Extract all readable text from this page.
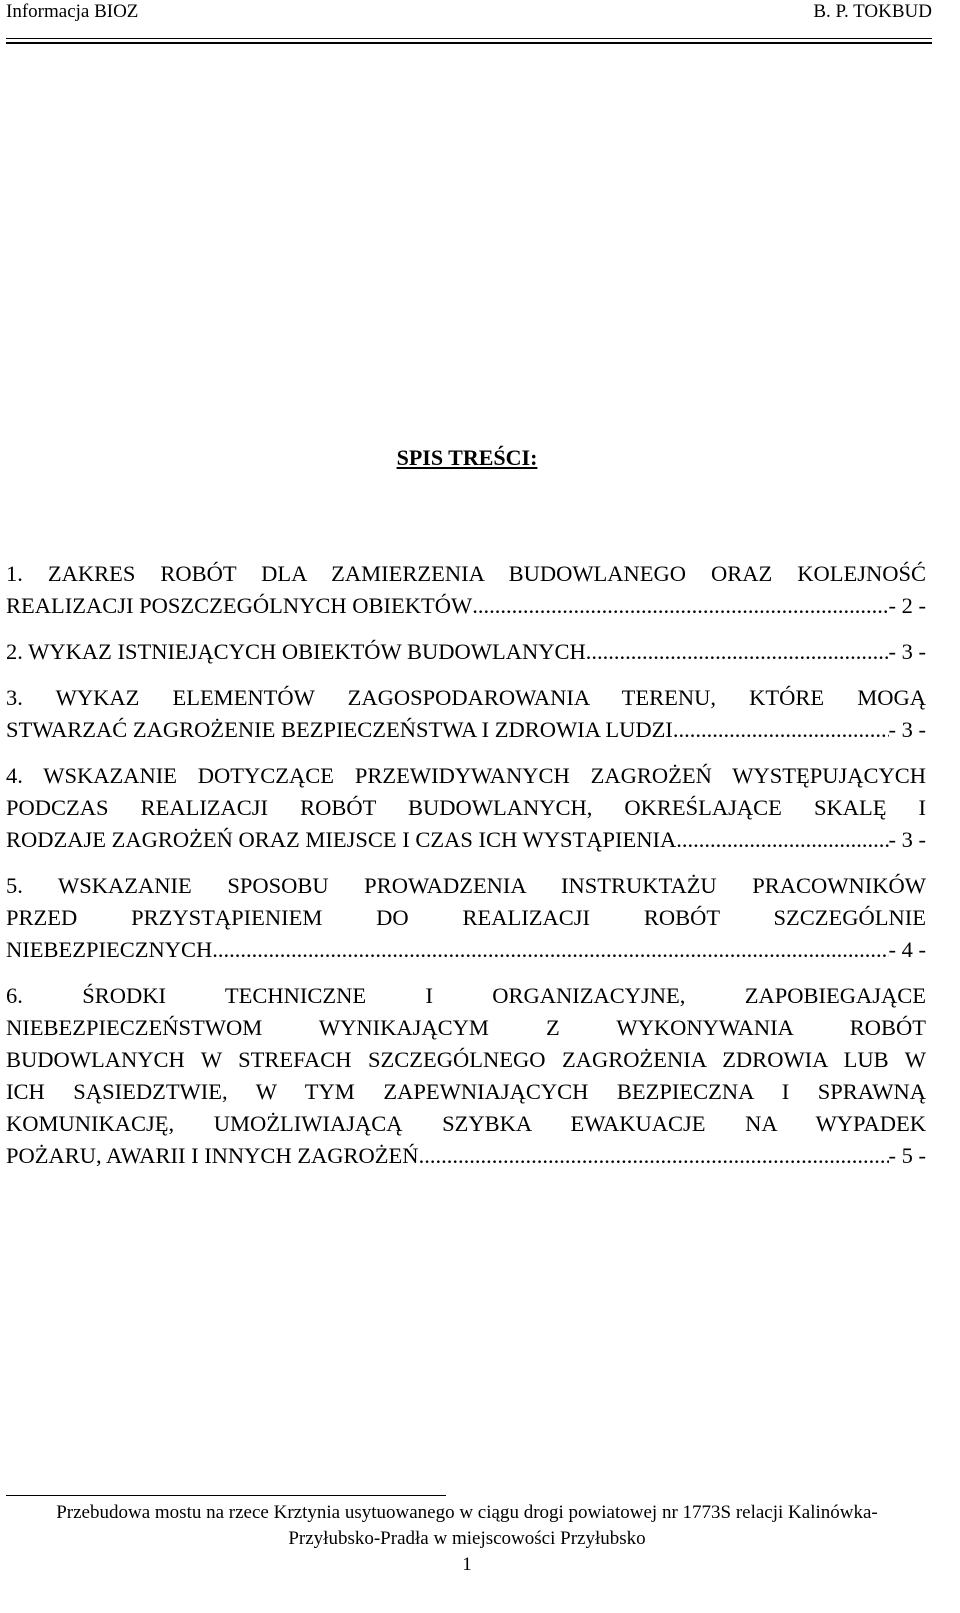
Informacja BIOZ	B. P. TOKBUD
SPIS TREŚCI:
1. ZAKRES ROBÓT DLA ZAMIERZENIA BUDOWLANEGO ORAZ KOLEJNOŚĆ
REALIZACJI POSZCZEGÓLNYCH OBIEKTÓW .....	- 2 -
2. WYKAZ ISTNIEJĄCYCH OBIEKTÓW BUDOWLANYCH .....	- 3 -
3. WYKAZ ELEMENTÓW ZAGOSPODAROWANIA TERENU, KTÓRE MOGĄ
STWARZAĆ ZAGROŻENIE BEZPIECZEŃSTWA I ZDROWIA LUDZI .....	- 3 -
4. WSKAZANIE DOTYCZĄCE PRZEWIDYWANYCH ZAGROŻEŃ WYSTĘPUJĄCYCH
PODCZAS REALIZACJI ROBÓT BUDOWLANYCH, OKREŚLAJĄCE SKALĘ I
RODZAJE ZAGROŻEŃ ORAZ MIEJSCE I CZAS ICH WYSTĄPIENIA .....	- 3 -
5. WSKAZANIE SPOSOBU PROWADZENIA INSTRUKTAŻU PRACOWNIKÓW
PRZED PRZYSTĄPIENIEM DO REALIZACJI ROBÓT SZCZEGÓLNIE
NIEBEZPIECZNYCH .....	- 4 -
6. ŚRODKI TECHNICZNE I ORGANIZACYJNE, ZAPOBIEGAJĄCE
NIEBEZPIECZEŃSTWOM WYNIKAJĄCYM Z WYKONYWANIA ROBÓT
BUDOWLANYCH W STREFACH SZCZEGÓLNEGO ZAGROŻENIA ZDROWIA LUB W
ICH SĄSIEDZTWIE, W TYM ZAPEWNIAJĄCYCH BEZPIECZNA I SPRAWNĄ
KOMUNIKACJĘ, UMOŻLIWIAJĄCĄ SZYBKA EWAKUACJE NA WYPADEK
POŻARU, AWARII I INNYCH ZAGROŻEŃ .....	- 5 -
Przebudowa mostu na rzece Krztynia usytuowanego w ciągu drogi powiatowej nr 1773S relacji Kalinówka-
Przyłubsko-Pradła w miejscowości Przyłubsko
1
